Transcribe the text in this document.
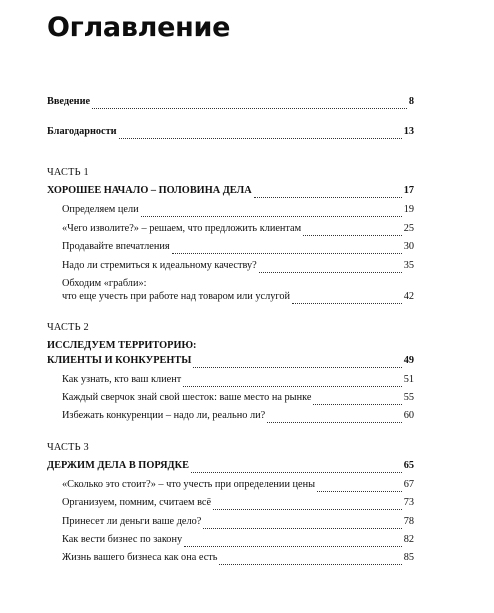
Оглавление
Введение	8
Благодарности	13
ЧАСТЬ 1
ХОРОШЕЕ НАЧАЛО – ПОЛОВИНА ДЕЛА	17
Определяем цели	19
«Чего изволите?» – решаем, что предложить клиентам	25
Продавайте впечатления	30
Надо ли стремиться к идеальному качеству?	35
Обходим «грабли»:
что еще учесть при работе над товаром или услугой	42
ЧАСТЬ 2
ИССЛЕДУЕМ ТЕРРИТОРИЮ:
КЛИЕНТЫ И КОНКУРЕНТЫ	49
Как узнать, кто ваш клиент	51
Каждый сверчок знай свой шесток: ваше место на рынке	55
Избежать конкуренции – надо ли, реально ли?	60
ЧАСТЬ 3
ДЕРЖИМ ДЕЛА В ПОРЯДКЕ	65
«Сколько это стоит?» – что учесть при определении цены	67
Организуем, помним, считаем всё	73
Принесет ли деньги ваше дело?	78
Как вести бизнес по закону	82
Жизнь вашего бизнеса как она есть	85
